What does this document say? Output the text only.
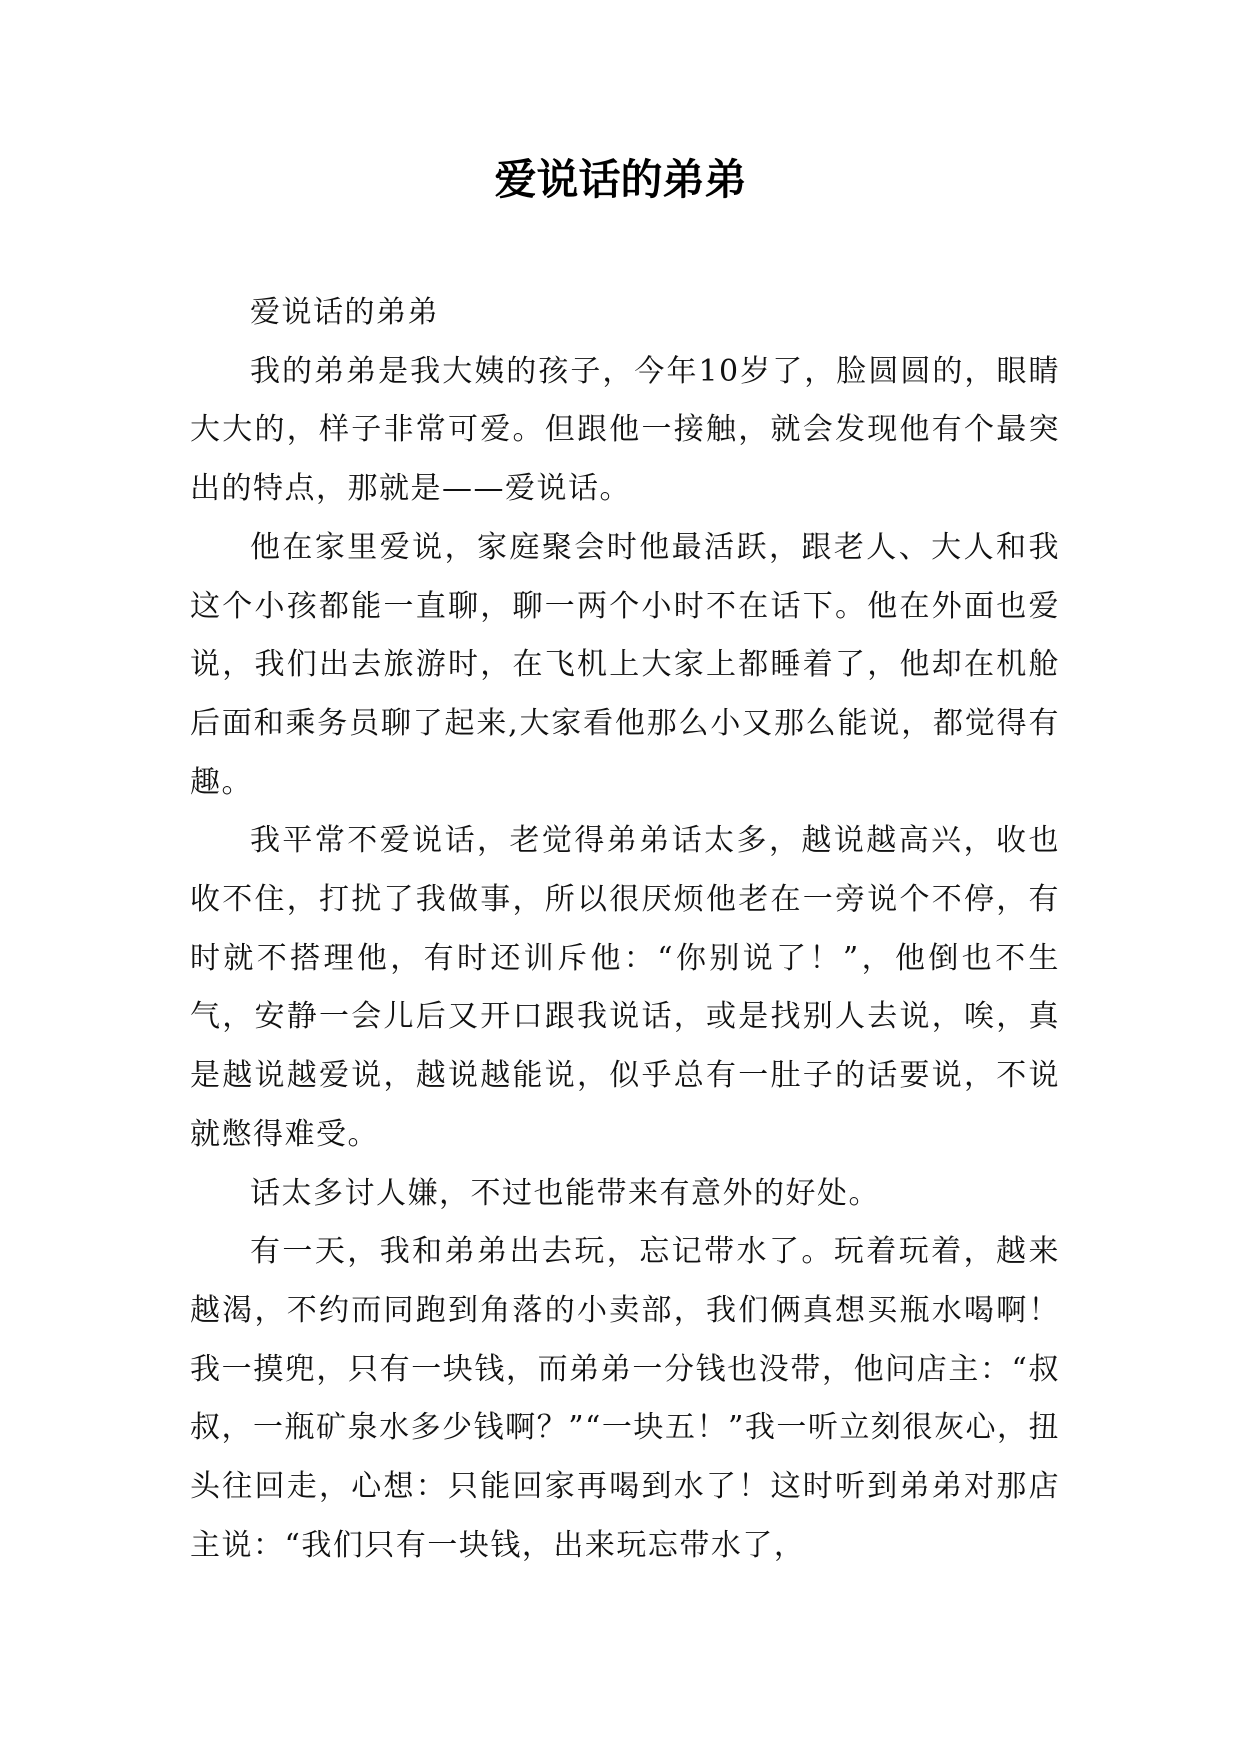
爱说话的弟弟

爱说话的弟弟

我的弟弟是我大姨的孩子，今年10岁了，脸圆圆的，眼睛大大的，样子非常可爱。但跟他一接触，就会发现他有个最突出的特点，那就是——爱说话。

他在家里爱说，家庭聚会时他最活跃，跟老人、大人和我这个小孩都能一直聊，聊一两个小时不在话下。他在外面也爱说，我们出去旅游时，在飞机上大家上都睡着了，他却在机舱后面和乘务员聊了起来,大家看他那么小又那么能说，都觉得有趣。

我平常不爱说话，老觉得弟弟话太多，越说越高兴，收也收不住，打扰了我做事，所以很厌烦他老在一旁说个不停，有时就不搭理他，有时还训斥他：“你别说了！”，他倒也不生气，安静一会儿后又开口跟我说话，或是找别人去说，唉，真是越说越爱说，越说越能说，似乎总有一肚子的话要说，不说就憋得难受。

话太多讨人嫌，不过也能带来有意外的好处。

有一天，我和弟弟出去玩，忘记带水了。玩着玩着，越来越渴，不约而同跑到角落的小卖部，我们俩真想买瓶水喝啊！我一摸兜，只有一块钱，而弟弟一分钱也没带，他问店主：“叔叔，一瓶矿泉水多少钱啊？”“一块五！”我一听立刻很灰心，扭头往回走，心想：只能回家再喝到水了！这时听到弟弟对那店主说：“我们只有一块钱，出来玩忘带水了，
